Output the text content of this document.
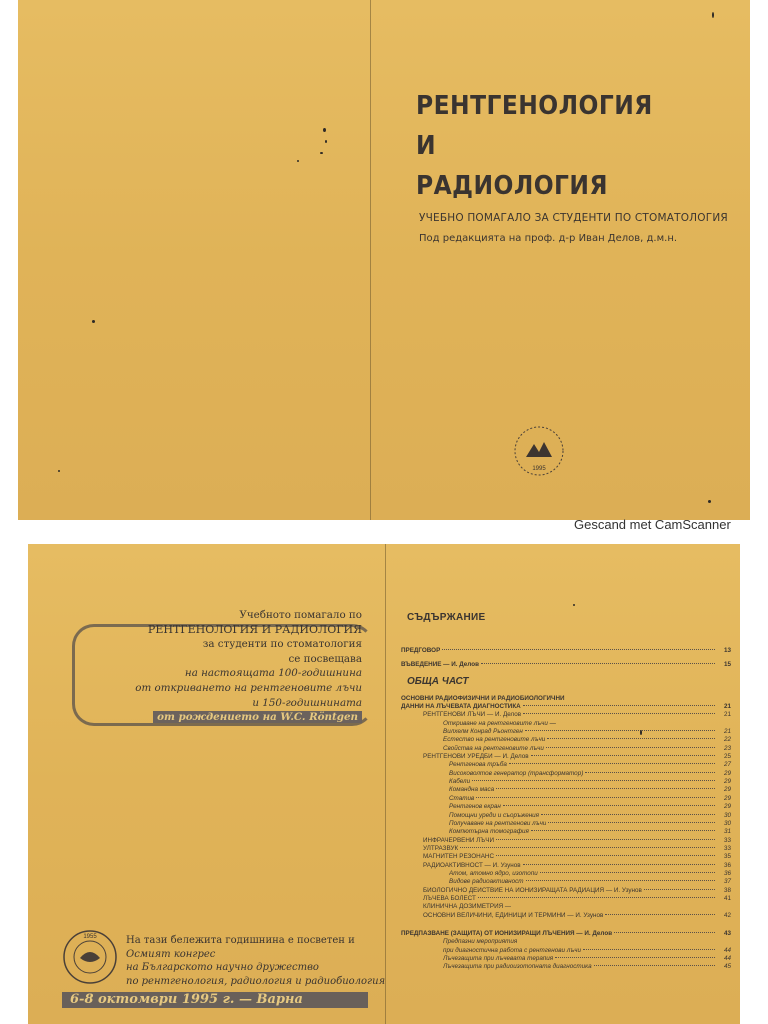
РЕНТГЕНОЛОГИЯ
И
РАДИОЛОГИЯ
УЧЕБНО ПОМАГАЛО ЗА СТУДЕНТИ ПО СТОМАТОЛОГИЯ
Под редакцията на проф. д-р Иван Делов, д.м.н.
1995
Gescand met CamScanner
Учебното помагало по
РЕНТГЕНОЛОГИЯ И РАДИОЛОГИЯ
за студенти по стоматология
се посвещава
на настоящата 100-годишнина
от откриването на рентгеновите лъчи
и 150-годишнината
от рождението на W.C. Röntgen
1955	На тази бележита годишнина е посветен и
Осмият конгрес
на Българското научно дружество
по рентгенология, радиология и радиобиология
6-8 октомври 1995 г. — Варна
СЪДЪРЖАНИЕ
ПРЕДГОВОР	13
ВЪВЕДЕНИЕ — И. Делов	15
ОБЩА ЧАСТ
ОСНОВНИ РАДИОФИЗИЧНИ И РАДИОБИОЛОГИЧНИ
ДАННИ НА ЛЪЧЕВАТА ДИАГНОСТИКА	21
РЕНТГЕНОВИ ЛЪЧИ — И. Делов	21
Откриване на рентгеновите лъчи —
Вилхелм Конрад Рьонтген	21
Естество на рентгеновите лъчи	22
Свойства на рентгеновите лъчи	23
РЕНТГЕНОВИ УРЕДБИ — И. Делов	25
Рентгенова тръба	27
Високоволтов генератор (трансформатор)	29
Кабели	29
Командна маса	29
Статив	29
Рентгенов екран	29
Помощни уреди и съоръжения	30
Получаване на рентгенови лъчи	30
Компютърна томография	31
ИНФРАЧЕРВЕНИ ЛЪЧИ	33
УЛТРАЗВУК	33
МАГНИТЕН РЕЗОНАНС	35
РАДИОАКТИВНОСТ — И. Узунов	36
Атом, атомно ядро, изотопи	36
Видове радиоактивност	37
БИОЛОГИЧНО ДЕЙСТВИЕ НА ЙОНИЗИРАЩАТА РАДИАЦИЯ — И. Узунов	38
ЛЪЧЕВА БОЛЕСТ	41
КЛИНИЧНА ДОЗИМЕТРИЯ —
ОСНОВНИ ВЕЛИЧИНИ, ЕДИНИЦИ И ТЕРМИНИ — И. Узунов	42
ПРЕДПАЗВАНЕ (ЗАЩИТА) ОТ ЙОНИЗИРАЩИ ЛЪЧЕНИЯ — И. Делов	43
Предпазни мероприятия
при диагностична работа с рентгенови лъчи	44
Лъчезащита при лъчевата терапия	44
Лъчезащита при радиоизотопната диагностика	45
